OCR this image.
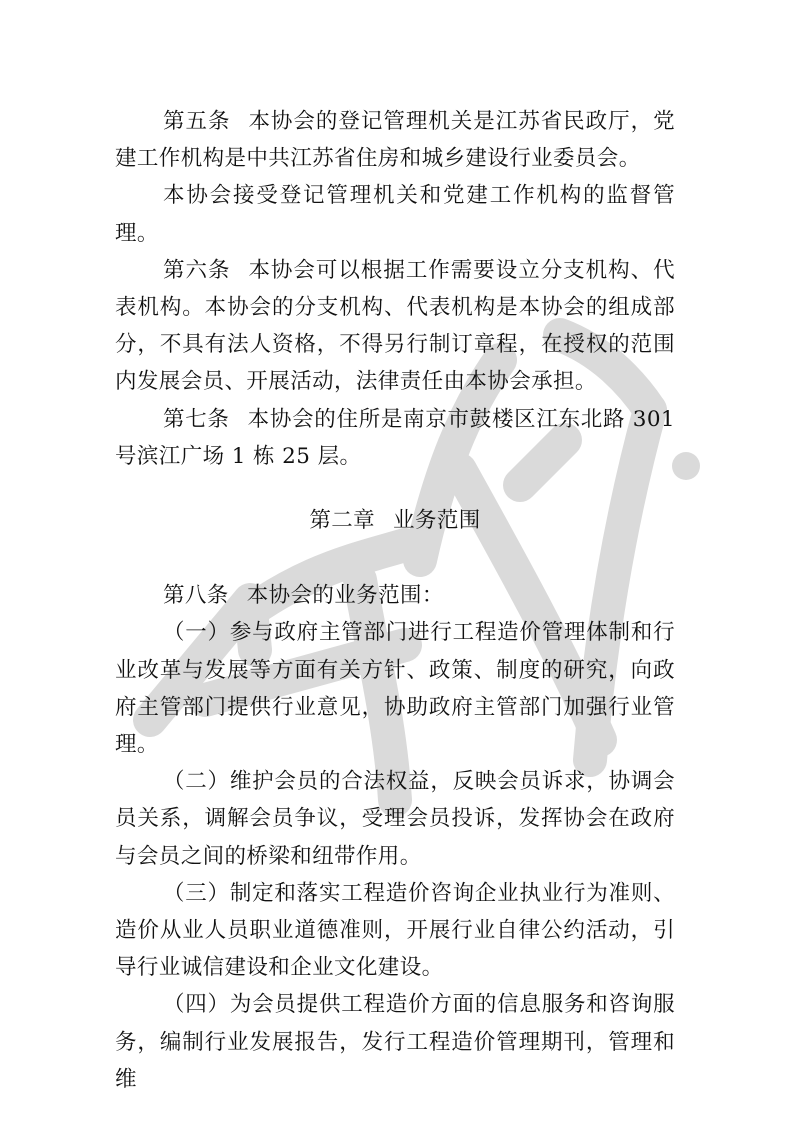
第五条 本协会的登记管理机关是江苏省民政厅，党建工作机构是中共江苏省住房和城乡建设行业委员会。

本协会接受登记管理机关和党建工作机构的监督管理。

第六条 本协会可以根据工作需要设立分支机构、代表机构。本协会的分支机构、代表机构是本协会的组成部分，不具有法人资格，不得另行制订章程，在授权的范围内发展会员、开展活动，法律责任由本协会承担。

第七条 本协会的住所是南京市鼓楼区江东北路 301 号滨江广场 1 栋 25 层。

第二章 业务范围

第八条 本协会的业务范围：

（一）参与政府主管部门进行工程造价管理体制和行业改革与发展等方面有关方针、政策、制度的研究，向政府主管部门提供行业意见，协助政府主管部门加强行业管理。

（二）维护会员的合法权益，反映会员诉求，协调会员关系，调解会员争议，受理会员投诉，发挥协会在政府与会员之间的桥梁和纽带作用。

（三）制定和落实工程造价咨询企业执业行为准则、造价从业人员职业道德准则，开展行业自律公约活动，引导行业诚信建设和企业文化建设。

（四）为会员提供工程造价方面的信息服务和咨询服务，编制行业发展报告，发行工程造价管理期刊，管理和维
